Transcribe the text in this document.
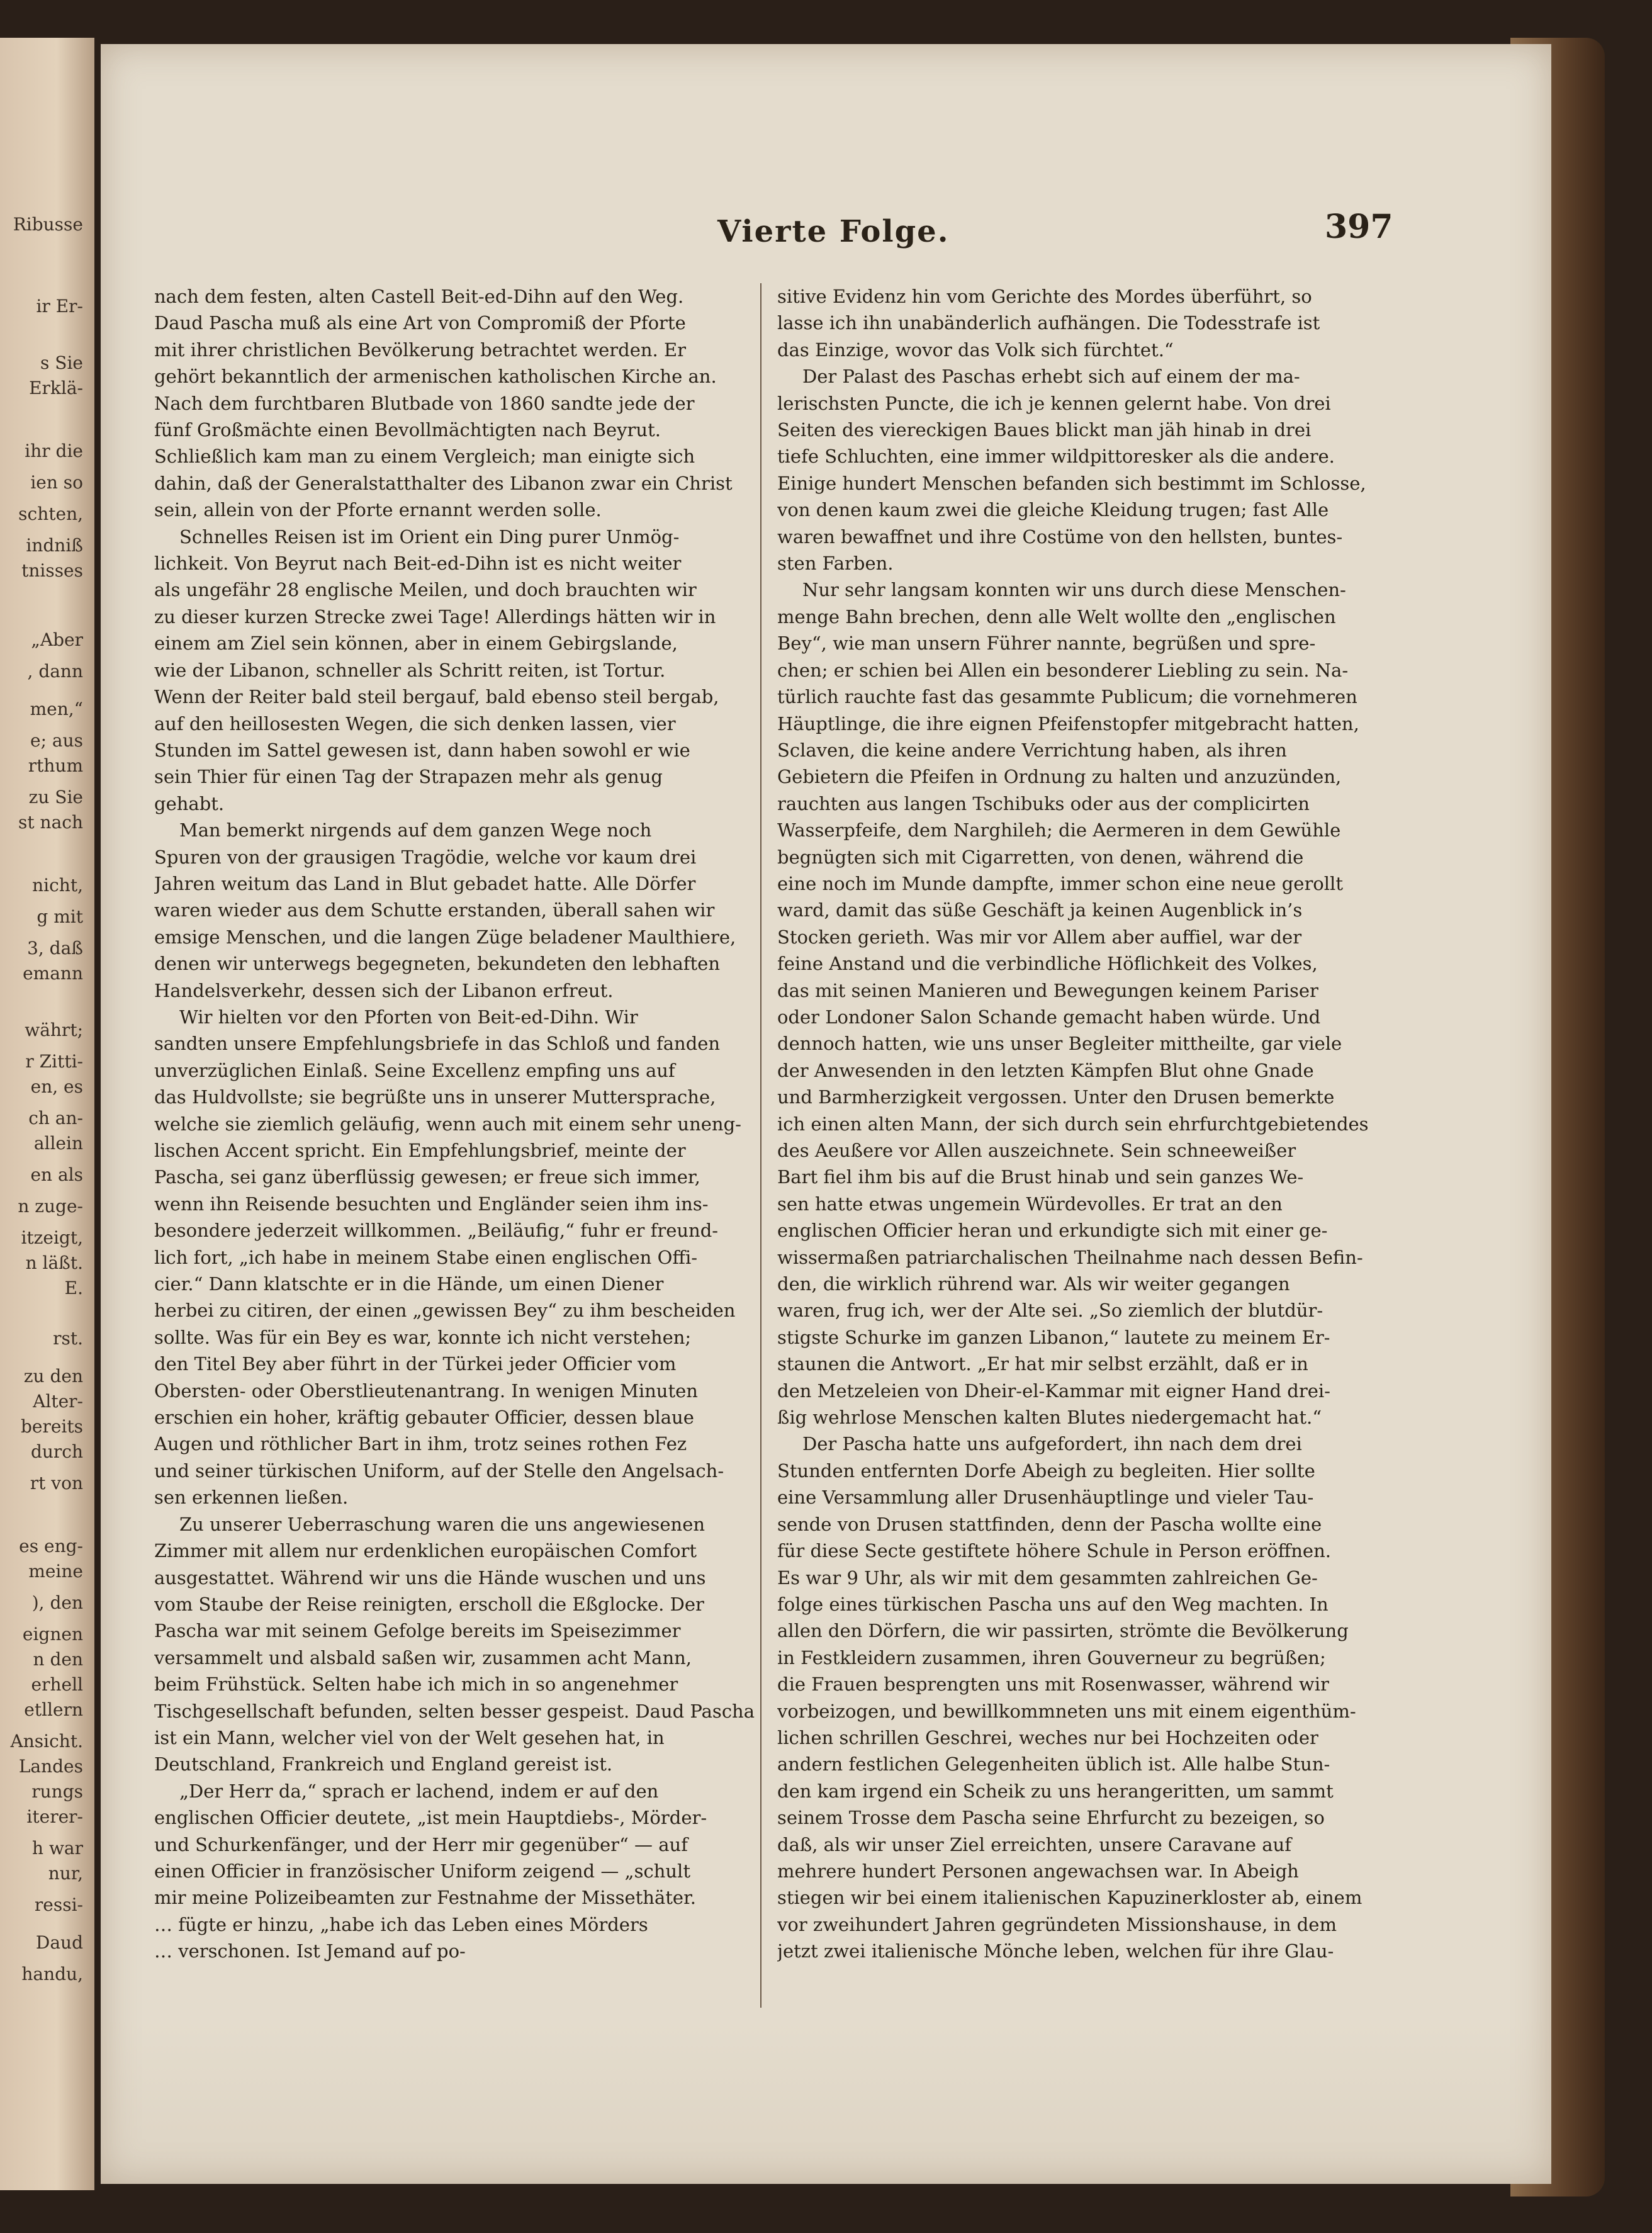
Ribusse
ir Er-
s Sie
Erklä-
ihr die
ien so
schten,
indniß
tnisses
„Aber
, dann
men,“
e; aus
rthum
zu Sie
st nach
nicht,
g mit
3, daß
emann
währt;
r Zitti-
en, es
ch an-
allein
en als
n zuge-
itzeigt,
n läßt.
E.
rst.
zu den
Alter-
bereits
durch
rt von
es eng-
meine
), den
eignen
n den
erhell
etllern
Ansicht.
Landes
rungs
iterer-
h war
nur,
ressi-
Daud
handu,
Vierte Folge.	397
nach dem festen, alten Castell Beit-ed-Dihn auf den Weg.
Daud Pascha muß als eine Art von Compromiß der Pforte
mit ihrer christlichen Bevölkerung betrachtet werden. Er
gehört bekanntlich der armenischen katholischen Kirche an.
Nach dem furchtbaren Blutbade von 1860 sandte jede der
fünf Großmächte einen Bevollmächtigten nach Beyrut.
Schließlich kam man zu einem Vergleich; man einigte sich
dahin, daß der Generalstatthalter des Libanon zwar ein Christ
sein, allein von der Pforte ernannt werden solle.
Schnelles Reisen ist im Orient ein Ding purer Unmög-
lichkeit. Von Beyrut nach Beit-ed-Dihn ist es nicht weiter
als ungefähr 28 englische Meilen, und doch brauchten wir
zu dieser kurzen Strecke zwei Tage! Allerdings hätten wir in
einem am Ziel sein können, aber in einem Gebirgslande,
wie der Libanon, schneller als Schritt reiten, ist Tortur.
Wenn der Reiter bald steil bergauf, bald ebenso steil bergab,
auf den heillosesten Wegen, die sich denken lassen, vier
Stunden im Sattel gewesen ist, dann haben sowohl er wie
sein Thier für einen Tag der Strapazen mehr als genug
gehabt.
Man bemerkt nirgends auf dem ganzen Wege noch
Spuren von der grausigen Tragödie, welche vor kaum drei
Jahren weitum das Land in Blut gebadet hatte. Alle Dörfer
waren wieder aus dem Schutte erstanden, überall sahen wir
emsige Menschen, und die langen Züge beladener Maulthiere,
denen wir unterwegs begegneten, bekundeten den lebhaften
Handelsverkehr, dessen sich der Libanon erfreut.
Wir hielten vor den Pforten von Beit-ed-Dihn. Wir
sandten unsere Empfehlungsbriefe in das Schloß und fanden
unverzüglichen Einlaß. Seine Excellenz empfing uns auf
das Huldvollste; sie begrüßte uns in unserer Muttersprache,
welche sie ziemlich geläufig, wenn auch mit einem sehr uneng-
lischen Accent spricht. Ein Empfehlungsbrief, meinte der
Pascha, sei ganz überflüssig gewesen; er freue sich immer,
wenn ihn Reisende besuchten und Engländer seien ihm ins-
besondere jederzeit willkommen. „Beiläufig,“ fuhr er freund-
lich fort, „ich habe in meinem Stabe einen englischen Offi-
cier.“ Dann klatschte er in die Hände, um einen Diener
herbei zu citiren, der einen „gewissen Bey“ zu ihm bescheiden
sollte. Was für ein Bey es war, konnte ich nicht verstehen;
den Titel Bey aber führt in der Türkei jeder Officier vom
Obersten- oder Oberstlieutenantrang. In wenigen Minuten
erschien ein hoher, kräftig gebauter Officier, dessen blaue
Augen und röthlicher Bart in ihm, trotz seines rothen Fez
und seiner türkischen Uniform, auf der Stelle den Angelsach-
sen erkennen ließen.
Zu unserer Ueberraschung waren die uns angewiesenen
Zimmer mit allem nur erdenklichen europäischen Comfort
ausgestattet. Während wir uns die Hände wuschen und uns
vom Staube der Reise reinigten, erscholl die Eßglocke. Der
Pascha war mit seinem Gefolge bereits im Speisezimmer
versammelt und alsbald saßen wir, zusammen acht Mann,
beim Frühstück. Selten habe ich mich in so angenehmer
Tischgesellschaft befunden, selten besser gespeist. Daud Pascha
ist ein Mann, welcher viel von der Welt gesehen hat, in
Deutschland, Frankreich und England gereist ist.
„Der Herr da,“ sprach er lachend, indem er auf den
englischen Officier deutete, „ist mein Hauptdiebs-, Mörder-
und Schurkenfänger, und der Herr mir gegenüber“ — auf
einen Officier in französischer Uniform zeigend — „schult
mir meine Polizeibeamten zur Festnahme der Missethäter.
… fügte er hinzu, „habe ich das Leben eines Mörders
… verschonen. Ist Jemand auf po-
sitive Evidenz hin vom Gerichte des Mordes überführt, so
lasse ich ihn unabänderlich aufhängen. Die Todesstrafe ist
das Einzige, wovor das Volk sich fürchtet.“
Der Palast des Paschas erhebt sich auf einem der ma-
lerischsten Puncte, die ich je kennen gelernt habe. Von drei
Seiten des viereckigen Baues blickt man jäh hinab in drei
tiefe Schluchten, eine immer wildpittoresker als die andere.
Einige hundert Menschen befanden sich bestimmt im Schlosse,
von denen kaum zwei die gleiche Kleidung trugen; fast Alle
waren bewaffnet und ihre Costüme von den hellsten, buntes-
sten Farben.
Nur sehr langsam konnten wir uns durch diese Menschen-
menge Bahn brechen, denn alle Welt wollte den „englischen
Bey“, wie man unsern Führer nannte, begrüßen und spre-
chen; er schien bei Allen ein besonderer Liebling zu sein. Na-
türlich rauchte fast das gesammte Publicum; die vornehmeren
Häuptlinge, die ihre eignen Pfeifenstopfer mitgebracht hatten,
Sclaven, die keine andere Verrichtung haben, als ihren
Gebietern die Pfeifen in Ordnung zu halten und anzuzünden,
rauchten aus langen Tschibuks oder aus der complicirten
Wasserpfeife, dem Narghileh; die Aermeren in dem Gewühle
begnügten sich mit Cigarretten, von denen, während die
eine noch im Munde dampfte, immer schon eine neue gerollt
ward, damit das süße Geschäft ja keinen Augenblick in’s
Stocken gerieth. Was mir vor Allem aber auffiel, war der
feine Anstand und die verbindliche Höflichkeit des Volkes,
das mit seinen Manieren und Bewegungen keinem Pariser
oder Londoner Salon Schande gemacht haben würde. Und
dennoch hatten, wie uns unser Begleiter mittheilte, gar viele
der Anwesenden in den letzten Kämpfen Blut ohne Gnade
und Barmherzigkeit vergossen. Unter den Drusen bemerkte
ich einen alten Mann, der sich durch sein ehrfurchtgebietendes
des Aeußere vor Allen auszeichnete. Sein schneeweißer
Bart fiel ihm bis auf die Brust hinab und sein ganzes We-
sen hatte etwas ungemein Würdevolles. Er trat an den
englischen Officier heran und erkundigte sich mit einer ge-
wissermaßen patriarchalischen Theilnahme nach dessen Befin-
den, die wirklich rührend war. Als wir weiter gegangen
waren, frug ich, wer der Alte sei. „So ziemlich der blutdür-
stigste Schurke im ganzen Libanon,“ lautete zu meinem Er-
staunen die Antwort. „Er hat mir selbst erzählt, daß er in
den Metzeleien von Dheir-el-Kammar mit eigner Hand drei-
ßig wehrlose Menschen kalten Blutes niedergemacht hat.“
Der Pascha hatte uns aufgefordert, ihn nach dem drei
Stunden entfernten Dorfe Abeigh zu begleiten. Hier sollte
eine Versammlung aller Drusenhäuptlinge und vieler Tau-
sende von Drusen stattfinden, denn der Pascha wollte eine
für diese Secte gestiftete höhere Schule in Person eröffnen.
Es war 9 Uhr, als wir mit dem gesammten zahlreichen Ge-
folge eines türkischen Pascha uns auf den Weg machten. In
allen den Dörfern, die wir passirten, strömte die Bevölkerung
in Festkleidern zusammen, ihren Gouverneur zu begrüßen;
die Frauen besprengten uns mit Rosenwasser, während wir
vorbeizogen, und bewillkommneten uns mit einem eigenthüm-
lichen schrillen Geschrei, weches nur bei Hochzeiten oder
andern festlichen Gelegenheiten üblich ist. Alle halbe Stun-
den kam irgend ein Scheik zu uns herangeritten, um sammt
seinem Trosse dem Pascha seine Ehrfurcht zu bezeigen, so
daß, als wir unser Ziel erreichten, unsere Caravane auf
mehrere hundert Personen angewachsen war. In Abeigh
stiegen wir bei einem italienischen Kapuzinerkloster ab, einem
vor zweihundert Jahren gegründeten Missionshause, in dem
jetzt zwei italienische Mönche leben, welchen für ihre Glau-
